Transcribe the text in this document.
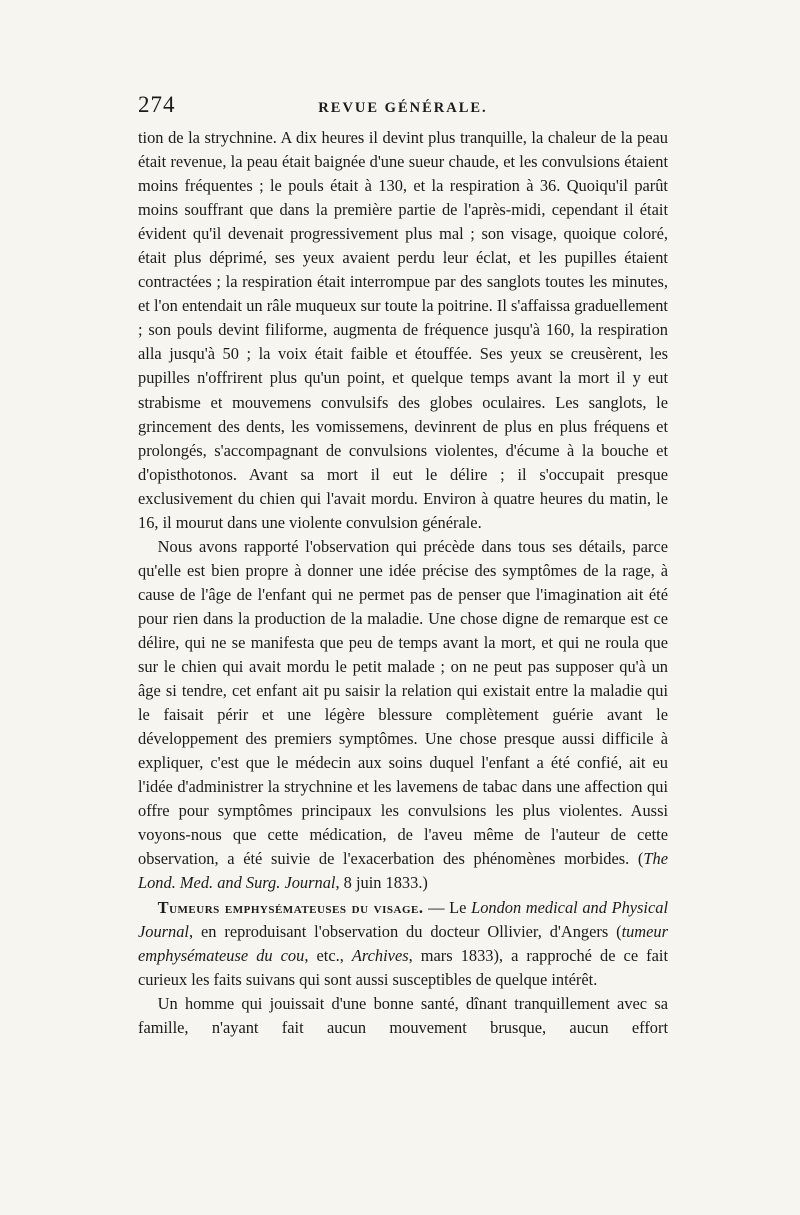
274	REVUE GÉNÉRALE.

tion de la strychnine. A dix heures il devint plus tranquille, la chaleur de la peau était revenue, la peau était baignée d'une sueur chaude, et les convulsions étaient moins fréquentes ; le pouls était à 130, et la respiration à 36. Quoiqu'il parût moins souffrant que dans la première partie de l'après-midi, cependant il était évident qu'il devenait progressivement plus mal ; son visage, quoique coloré, était plus déprimé, ses yeux avaient perdu leur éclat, et les pupilles étaient contractées ; la respiration était interrompue par des sanglots toutes les minutes, et l'on entendait un râle muqueux sur toute la poitrine. Il s'affaissa graduellement ; son pouls devint filiforme, augmenta de fréquence jusqu'à 160, la respiration alla jusqu'à 50 ; la voix était faible et étouffée. Ses yeux se creusèrent, les pupilles n'offrirent plus qu'un point, et quelque temps avant la mort il y eut strabisme et mouvemens convulsifs des globes oculaires. Les sanglots, le grincement des dents, les vomissemens, devinrent de plus en plus fréquens et prolongés, s'accompagnant de convulsions violentes, d'écume à la bouche et d'opisthotonos. Avant sa mort il eut le délire ; il s'occupait presque exclusivement du chien qui l'avait mordu. Environ à quatre heures du matin, le 16, il mourut dans une violente convulsion générale.

Nous avons rapporté l'observation qui précède dans tous ses détails, parce qu'elle est bien propre à donner une idée précise des symptômes de la rage, à cause de l'âge de l'enfant qui ne permet pas de penser que l'imagination ait été pour rien dans la production de la maladie. Une chose digne de remarque est ce délire, qui ne se manifesta que peu de temps avant la mort, et qui ne roula que sur le chien qui avait mordu le petit malade ; on ne peut pas supposer qu'à un âge si tendre, cet enfant ait pu saisir la relation qui existait entre la maladie qui le faisait périr et une légère blessure complètement guérie avant le développement des premiers symptômes. Une chose presque aussi difficile à expliquer, c'est que le médecin aux soins duquel l'enfant a été confié, ait eu l'idée d'administrer la strychnine et les lavemens de tabac dans une affection qui offre pour symptômes principaux les convulsions les plus violentes. Aussi voyons-nous que cette médication, de l'aveu même de l'auteur de cette observation, a été suivie de l'exacerbation des phénomènes morbides. (The Lond. Med. and Surg. Journal, 8 juin 1833.)

Tumeurs emphysémateuses du visage. — Le London medical and Physical Journal, en reproduisant l'observation du docteur Ollivier, d'Angers (tumeur emphysémateuse du cou, etc., Archives, mars 1833), a rapproché de ce fait curieux les faits suivans qui sont aussi susceptibles de quelque intérêt.

Un homme qui jouissait d'une bonne santé, dînant tranquillement avec sa famille, n'ayant fait aucun mouvement brusque, aucun effort
